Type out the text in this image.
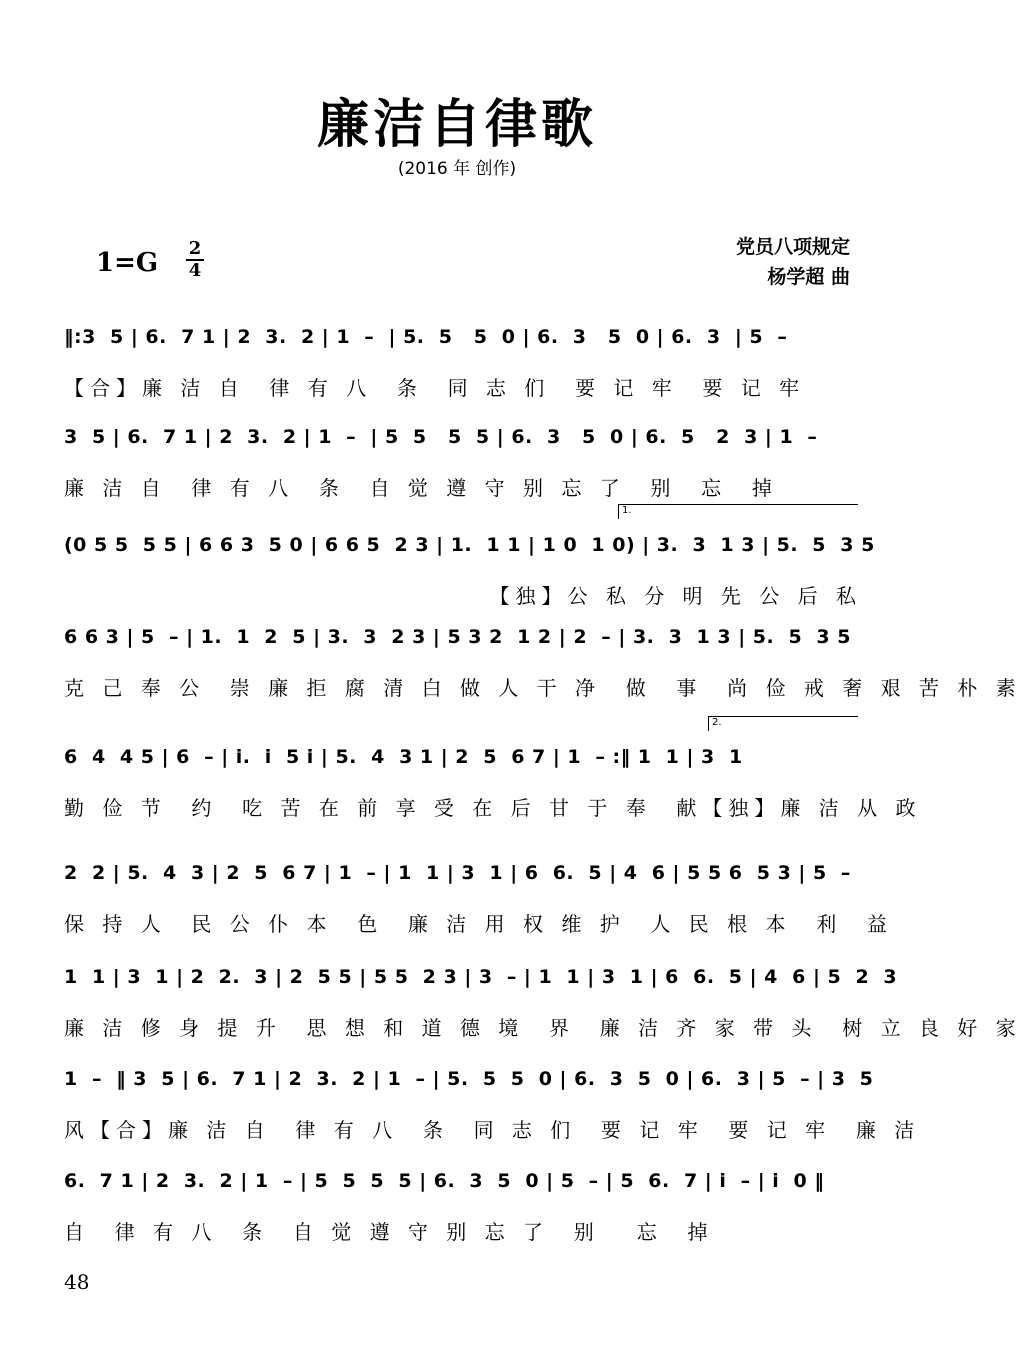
廉洁自律歌
(2016 年 创作)
党员八项规定
杨学超 曲
1=G 2
4
‖:3  5 | 6.  7 1 | 2  3.  2 | 1  –  | 5.  5   5  0 | 6.  3   5  0 | 6.  3  | 5  –
【合】廉 洁 自  律 有 八  条  同 志 们  要 记 牢  要 记 牢
3  5 | 6.  7 1 | 2  3.  2 | 1  –  | 5  5   5  5 | 6.  3   5  0 | 6.  5   2  3 | 1  –
廉 洁 自  律 有 八  条  自 觉 遵 守 别 忘 了  别  忘  掉
1.
(0 5 5  5 5 | 6 6 3  5 0 | 6 6 5  2 3 | 1.  1 1 | 1 0  1 0) | 3.  3  1 3 | 5.  5  3 5
【独】公 私 分 明 先 公 后 私
6 6 3 | 5  – | 1.  1  2  5 | 3.  3  2 3 | 5 3 2  1 2 | 2  – | 3.  3  1 3 | 5.  5  3 5
克 己 奉 公  崇 廉 拒 腐 清 白 做 人 干 净  做  事  尚 俭 戒 奢 艰 苦 朴 素
2.
6  4  4 5 | 6  – | i.  i  5 i | 5.  4  3 1 | 2  5  6 7 | 1  – :‖ 1  1 | 3  1
勤 俭 节  约  吃 苦 在 前 享 受 在 后 甘 于 奉  献【独】廉 洁 从 政
2  2 | 5.  4  3 | 2  5  6 7 | 1  – | 1  1 | 3  1 | 6  6.  5 | 4  6 | 5 5 6  5 3 | 5  –
保 持 人  民 公 仆 本  色  廉 洁 用 权 维 护  人 民 根 本  利  益
1  1 | 3  1 | 2  2.  3 | 2  5 5 | 5 5  2 3 | 3  – | 1  1 | 3  1 | 6  6.  5 | 4  6 | 5  2  3
廉 洁 修 身 提 升  思 想 和 道 德 境  界  廉 洁 齐 家 带 头  树 立 良 好 家
1  –  ‖ 3  5 | 6.  7 1 | 2  3.  2 | 1  – | 5.  5  5  0 | 6.  3  5  0 | 6.  3 | 5  – | 3  5
风【合】廉 洁 自  律 有 八  条  同 志 们  要 记 牢  要 记 牢  廉 洁
6.  7 1 | 2  3.  2 | 1  – | 5  5  5  5 | 6.  3  5  0 | 5  – | 5  6.  7 | i  – | i  0 ‖
自  律 有 八  条  自 觉 遵 守 别 忘 了  别   忘  掉
48
